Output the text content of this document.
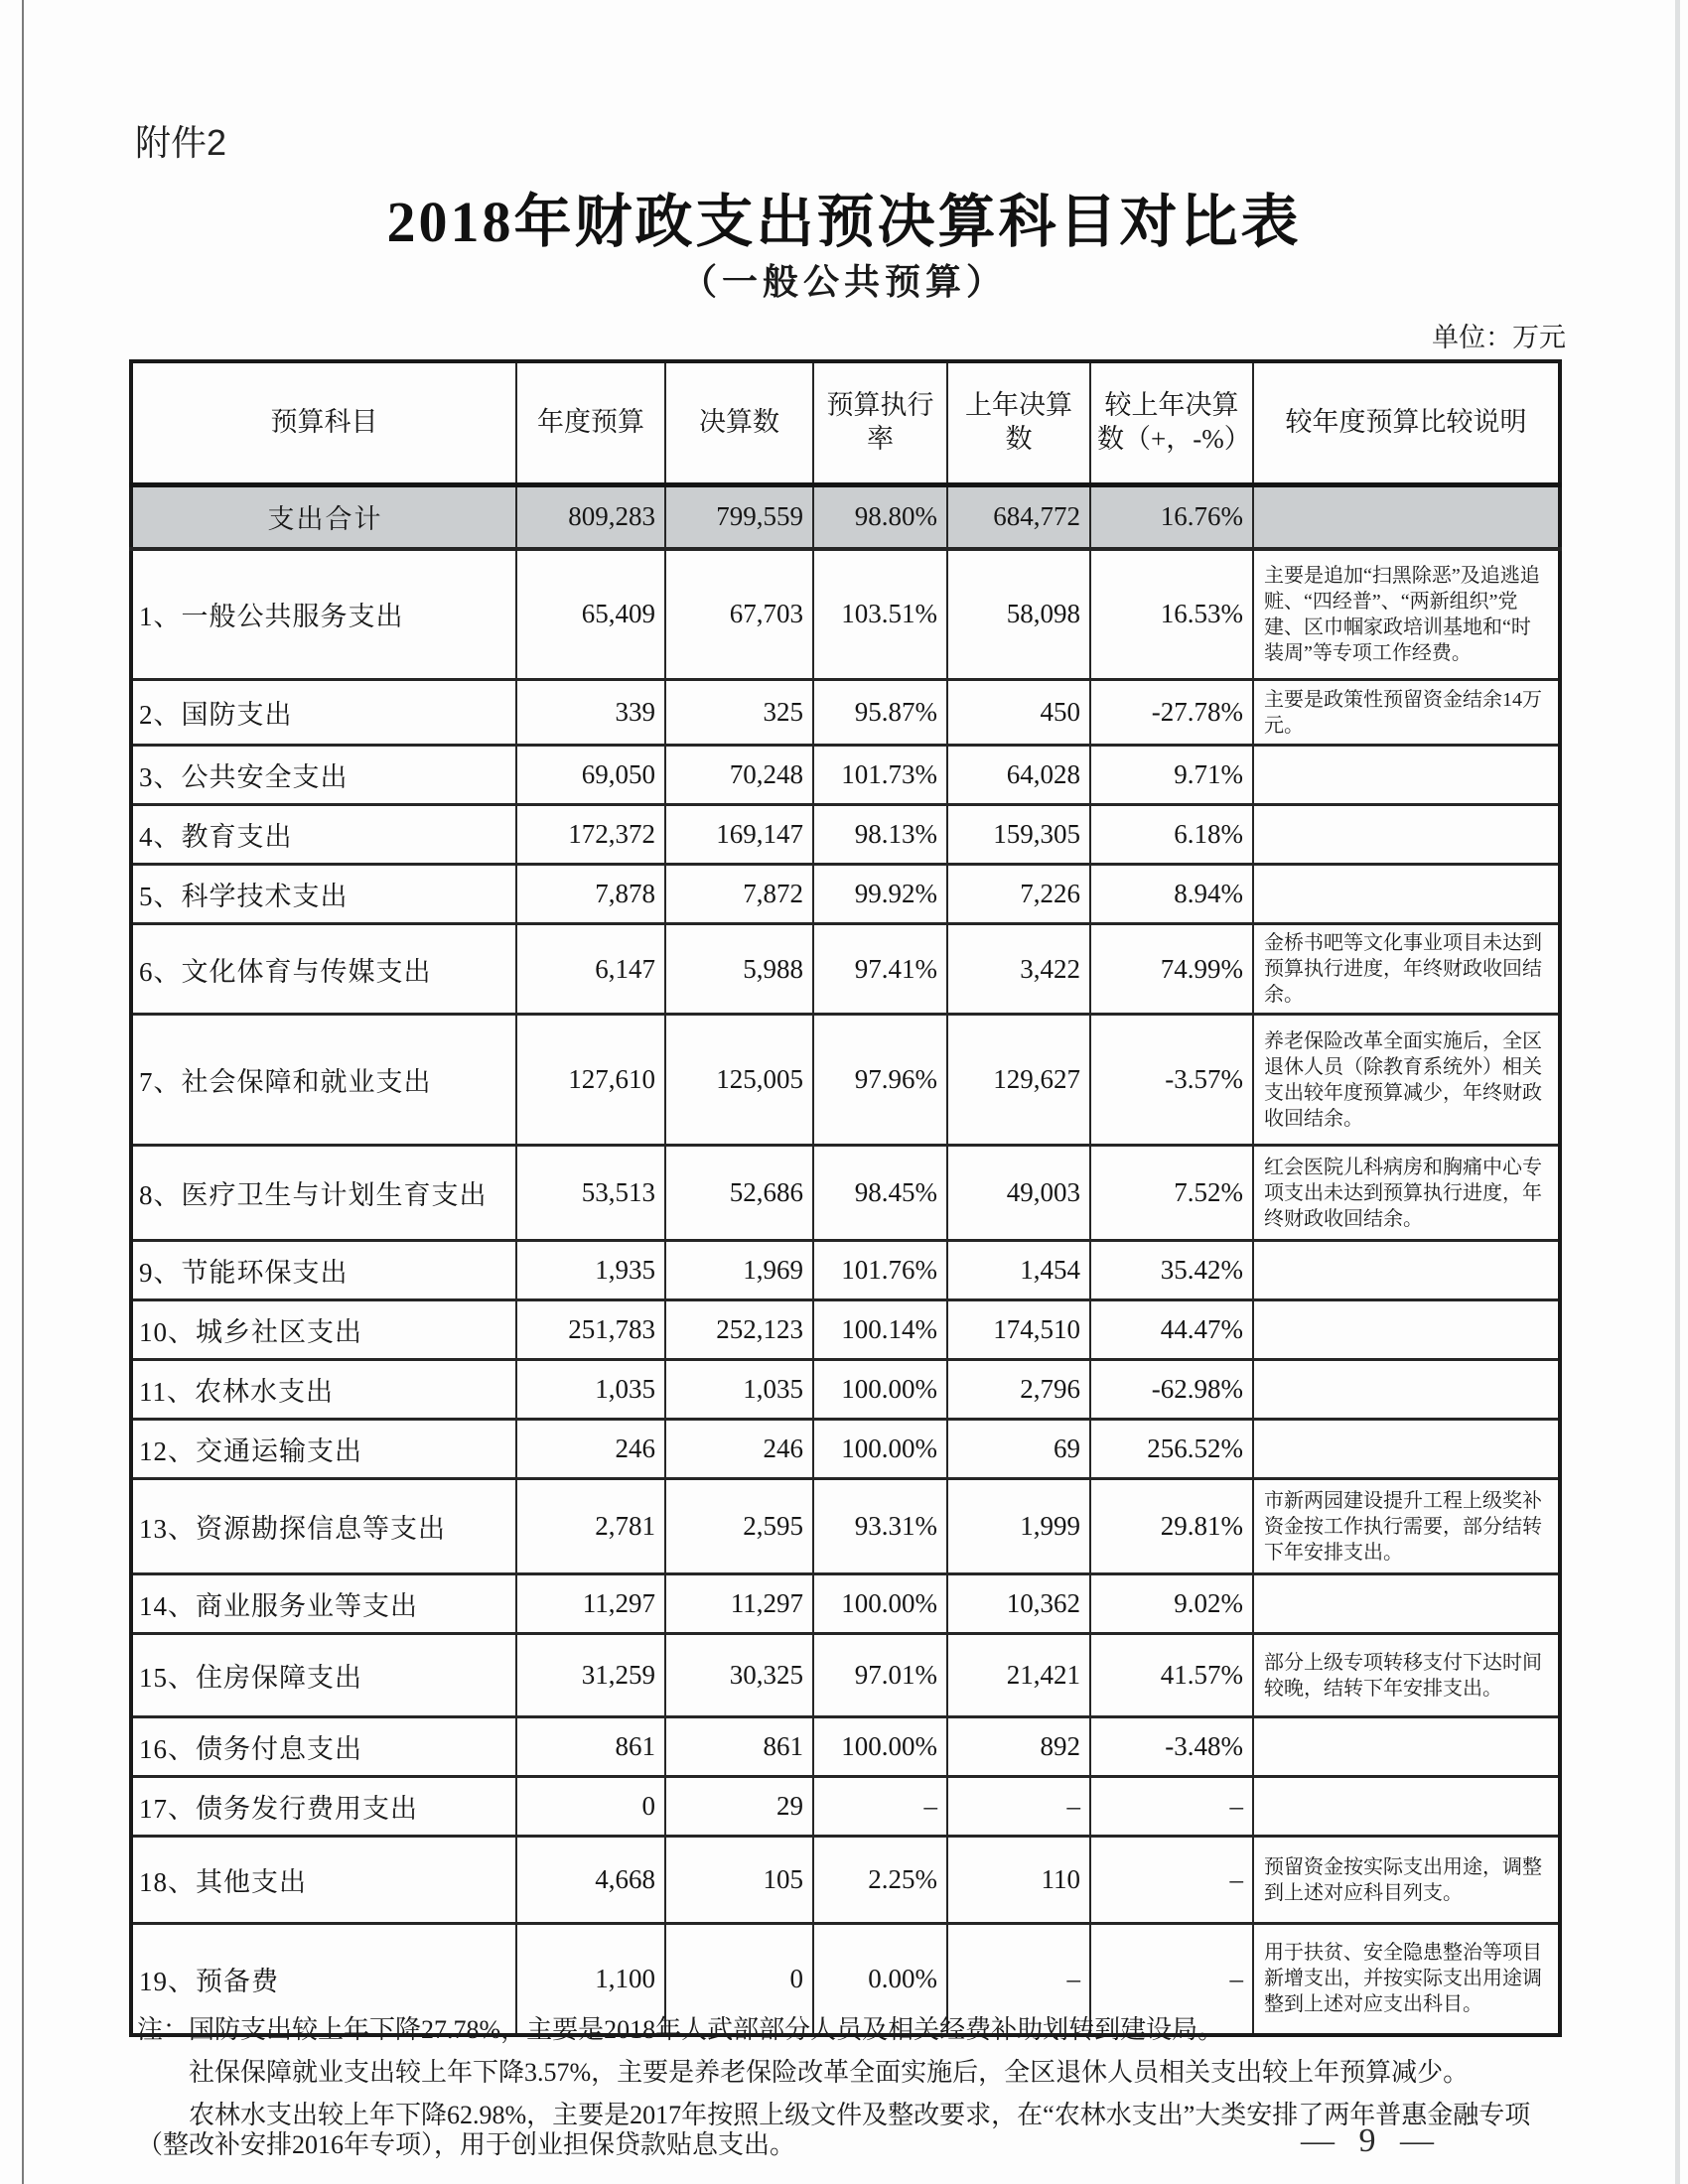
附件2
2018年财政支出预决算科目对比表
（一般公共预算）
单位：万元
预算科目	年度预算	决算数	预算执行率	上年决算数	较上年决算数（+，-%）	较年度预算比较说明
支出合计	809,283	799,559	98.80%	684,772	16.76%	
1、一般公共服务支出	65,409	67,703	103.51%	58,098	16.53%	主要是追加“扫黑除恶”及追逃追赃、“四经普”、“两新组织”党建、区巾帼家政培训基地和“时装周”等专项工作经费。
2、国防支出	339	325	95.87%	450	-27.78%	主要是政策性预留资金结余14万元。
3、公共安全支出	69,050	70,248	101.73%	64,028	9.71%	
4、教育支出	172,372	169,147	98.13%	159,305	6.18%	
5、科学技术支出	7,878	7,872	99.92%	7,226	8.94%	
6、文化体育与传媒支出	6,147	5,988	97.41%	3,422	74.99%	金桥书吧等文化事业项目未达到预算执行进度，年终财政收回结余。
7、社会保障和就业支出	127,610	125,005	97.96%	129,627	-3.57%	养老保险改革全面实施后，全区退休人员（除教育系统外）相关支出较年度预算减少，年终财政收回结余。
8、医疗卫生与计划生育支出	53,513	52,686	98.45%	49,003	7.52%	红会医院儿科病房和胸痛中心专项支出未达到预算执行进度，年终财政收回结余。
9、节能环保支出	1,935	1,969	101.76%	1,454	35.42%	
10、城乡社区支出	251,783	252,123	100.14%	174,510	44.47%	
11、农林水支出	1,035	1,035	100.00%	2,796	-62.98%	
12、交通运输支出	246	246	100.00%	69	256.52%	
13、资源勘探信息等支出	2,781	2,595	93.31%	1,999	29.81%	市新两园建设提升工程上级奖补资金按工作执行需要，部分结转下年安排支出。
14、商业服务业等支出	11,297	11,297	100.00%	10,362	9.02%	
15、住房保障支出	31,259	30,325	97.01%	21,421	41.57%	部分上级专项转移支付下达时间较晚，结转下年安排支出。
16、债务付息支出	861	861	100.00%	892	-3.48%	
17、债务发行费用支出	0	29	–	–	–	
18、其他支出	4,668	105	2.25%	110	–	预留资金按实际支出用途，调整到上述对应科目列支。
19、预备费	1,100	0	0.00%	–	–	用于扶贫、安全隐患整治等项目新增支出，并按实际支出用途调整到上述对应支出科目。

注：国防支出较上年下降27.78%，主要是2018年人武部部分人员及相关经费补助划转到建设局。

社保保障就业支出较上年下降3.57%，主要是养老保险改革全面实施后，全区退休人员相关支出较上年预算减少。

农林水支出较上年下降62.98%，主要是2017年按照上级文件及整改要求，在“农林水支出”大类安排了两年普惠金融专项（整改补安排2016年专项），用于创业担保贷款贴息支出。	— 9 —
